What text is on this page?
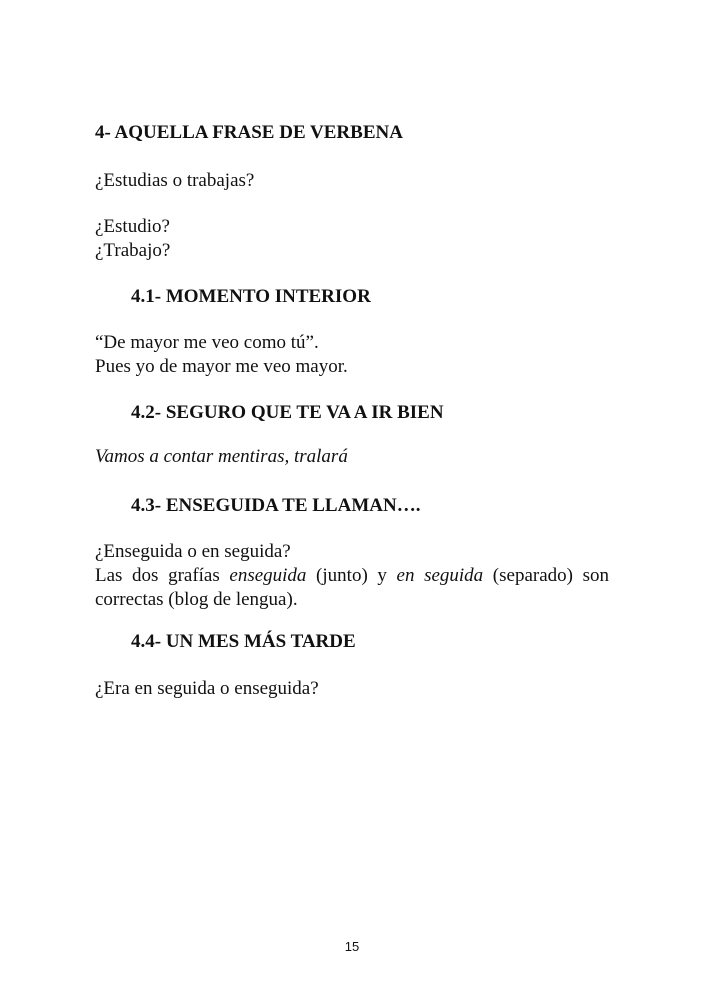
4- AQUELLA FRASE DE VERBENA

¿Estudias o trabajas?

¿Estudio?

¿Trabajo?

4.1- MOMENTO INTERIOR

“De mayor me veo como tú”.

Pues yo de mayor me veo mayor.

4.2- SEGURO QUE TE VA A IR BIEN

Vamos a contar mentiras, tralará

4.3- ENSEGUIDA TE LLAMAN….

¿Enseguida o en seguida?

Las dos grafías enseguida (junto) y en seguida (separado) son

correctas (blog de lengua).

4.4- UN MES MÁS TARDE

¿Era en seguida o enseguida?

15
